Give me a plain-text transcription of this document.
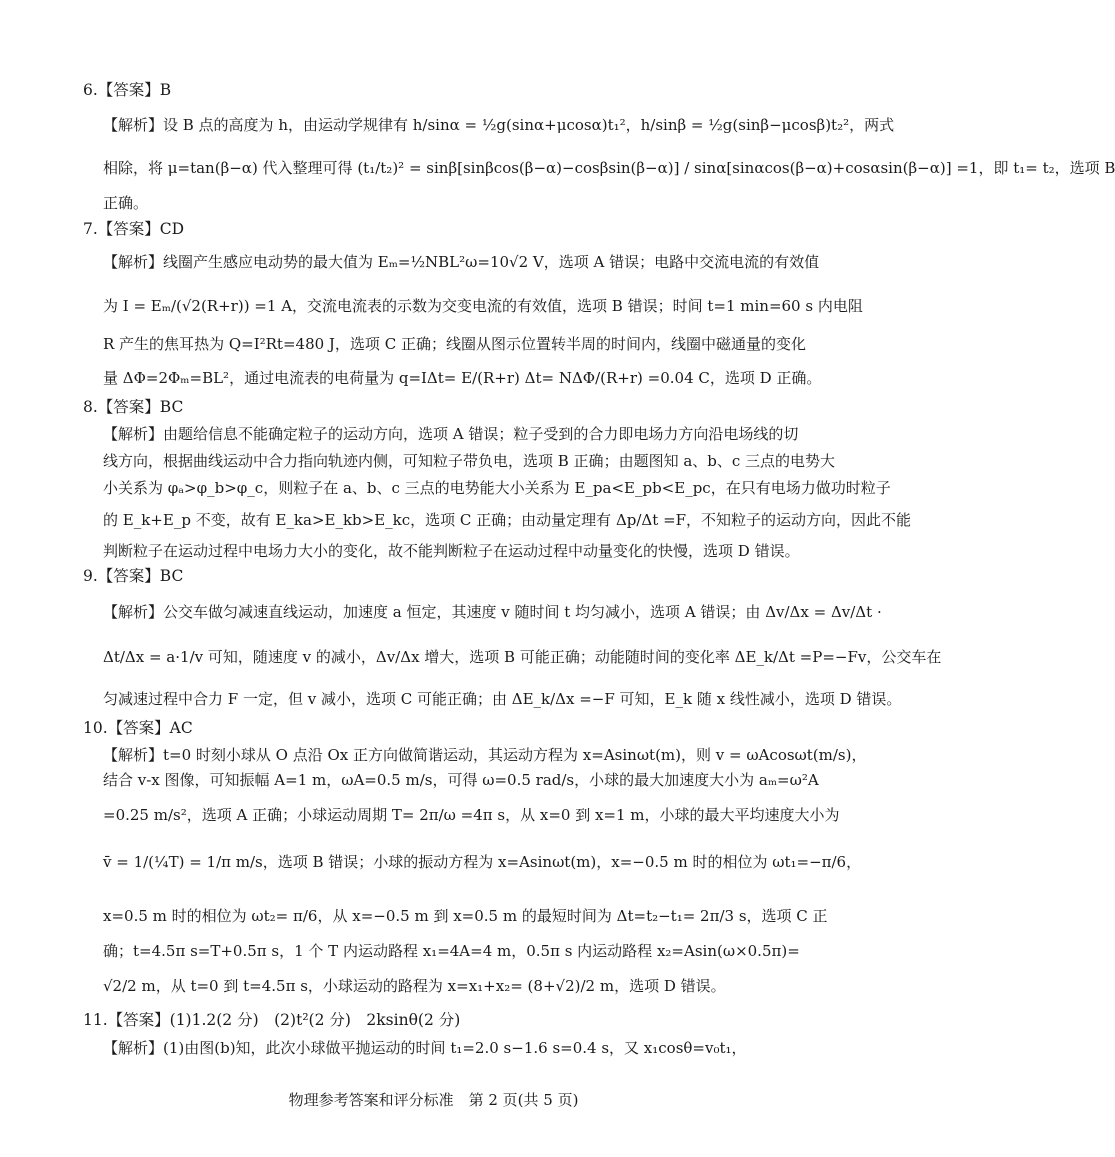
6.【答案】B
【解析】设 B 点的高度为 h，由运动学规律有 h/sinα = ½g(sinα+μcosα)t₁²，h/sinβ = ½g(sinβ−μcosβ)t₂²，两式
相除，将 μ=tan(β−α) 代入整理可得 (t₁/t₂)² = sinβ[sinβcos(β−α)−cosβsin(β−α)] / sinα[sinαcos(β−α)+cosαsin(β−α)] =1，即 t₁= t₂，选项 B
正确。
7.【答案】CD
【解析】线圈产生感应电动势的最大值为 Eₘ=½NBL²ω=10√2 V，选项 A 错误；电路中交流电流的有效值
为 I = Eₘ/(√2(R+r)) =1 A，交流电流表的示数为交变电流的有效值，选项 B 错误；时间 t=1 min=60 s 内电阻
R 产生的焦耳热为 Q=I²Rt=480 J，选项 C 正确；线圈从图示位置转半周的时间内，线圈中磁通量的变化
量 ΔΦ=2Φₘ=BL²，通过电流表的电荷量为 q=IΔt= E/(R+r) Δt= NΔΦ/(R+r) =0.04 C，选项 D 正确。
8.【答案】BC
【解析】由题给信息不能确定粒子的运动方向，选项 A 错误；粒子受到的合力即电场力方向沿电场线的切
线方向，根据曲线运动中合力指向轨迹内侧，可知粒子带负电，选项 B 正确；由题图知 a、b、c 三点的电势大
小关系为 φₐ>φ_b>φ_c，则粒子在 a、b、c 三点的电势能大小关系为 E_pa<E_pb<E_pc，在只有电场力做功时粒子
的 E_k+E_p 不变，故有 E_ka>E_kb>E_kc，选项 C 正确；由动量定理有 Δp/Δt =F，不知粒子的运动方向，因此不能
判断粒子在运动过程中电场力大小的变化，故不能判断粒子在运动过程中动量变化的快慢，选项 D 错误。
9.【答案】BC
【解析】公交车做匀减速直线运动，加速度 a 恒定，其速度 v 随时间 t 均匀减小，选项 A 错误；由 Δv/Δx = Δv/Δt ·
Δt/Δx = a·1/v 可知，随速度 v 的减小，Δv/Δx 增大，选项 B 可能正确；动能随时间的变化率 ΔE_k/Δt =P=−Fv，公交车在
匀减速过程中合力 F 一定，但 v 减小，选项 C 可能正确；由 ΔE_k/Δx =−F 可知，E_k 随 x 线性减小，选项 D 错误。
10.【答案】AC
【解析】t=0 时刻小球从 O 点沿 Ox 正方向做简谐运动，其运动方程为 x=Asinωt(m)，则 v = ωAcosωt(m/s)，
结合 v-x 图像，可知振幅 A=1 m，ωA=0.5 m/s，可得 ω=0.5 rad/s，小球的最大加速度大小为 aₘ=ω²A
=0.25 m/s²，选项 A 正确；小球运动周期 T= 2π/ω =4π s，从 x=0 到 x=1 m，小球的最大平均速度大小为
v̄ = 1/(¼T) = 1/π m/s，选项 B 错误；小球的振动方程为 x=Asinωt(m)，x=−0.5 m 时的相位为 ωt₁=−π/6，
x=0.5 m 时的相位为 ωt₂= π/6，从 x=−0.5 m 到 x=0.5 m 的最短时间为 Δt=t₂−t₁= 2π/3 s，选项 C 正
确；t=4.5π s=T+0.5π s，1 个 T 内运动路程 x₁=4A=4 m，0.5π s 内运动路程 x₂=Asin(ω×0.5π)=
√2/2 m，从 t=0 到 t=4.5π s，小球运动的路程为 x=x₁+x₂= (8+√2)/2 m，选项 D 错误。
11.【答案】(1)1.2(2 分)　(2)t²(2 分)　2ksinθ(2 分)
【解析】(1)由图(b)知，此次小球做平抛运动的时间 t₁=2.0 s−1.6 s=0.4 s，又 x₁cosθ=v₀t₁，
物理参考答案和评分标准　第 2 页(共 5 页)
